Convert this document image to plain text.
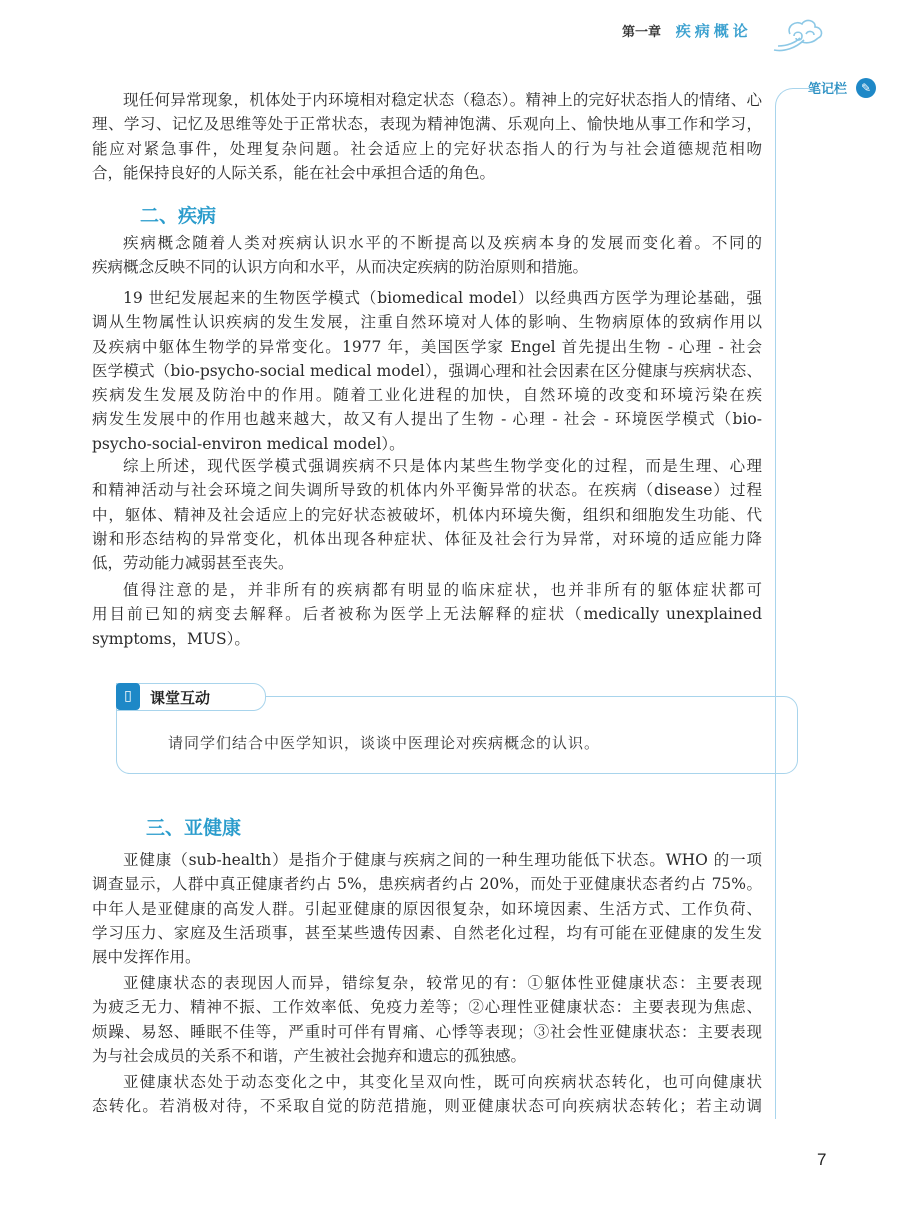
第一章 疾病概论
笔记栏	✎
现任何异常现象，机体处于内环境相对稳定状态（稳态）。精神上的完好状态指人的情绪、心
理、学习、记忆及思维等处于正常状态，表现为精神饱满、乐观向上、愉快地从事工作和学习，
能应对紧急事件，处理复杂问题。社会适应上的完好状态指人的行为与社会道德规范相吻
合，能保持良好的人际关系，能在社会中承担合适的角色。
二、疾病
疾病概念随着人类对疾病认识水平的不断提高以及疾病本身的发展而变化着。不同的
疾病概念反映不同的认识方向和水平，从而决定疾病的防治原则和措施。
19 世纪发展起来的生物医学模式（biomedical model）以经典西方医学为理论基础，强
调从生物属性认识疾病的发生发展，注重自然环境对人体的影响、生物病原体的致病作用以
及疾病中躯体生物学的异常变化。1977 年，美国医学家 Engel 首先提出生物 - 心理 - 社会
医学模式（bio-psycho-social medical model），强调心理和社会因素在区分健康与疾病状态、
疾病发生发展及防治中的作用。随着工业化进程的加快，自然环境的改变和环境污染在疾
病发生发展中的作用也越来越大，故又有人提出了生物 - 心理 - 社会 - 环境医学模式（bio-
psycho-social-environ medical model）。
综上所述，现代医学模式强调疾病不只是体内某些生物学变化的过程，而是生理、心理
和精神活动与社会环境之间失调所导致的机体内外平衡异常的状态。在疾病（disease）过程
中，躯体、精神及社会适应上的完好状态被破坏，机体内环境失衡，组织和细胞发生功能、代
谢和形态结构的异常变化，机体出现各种症状、体征及社会行为异常，对环境的适应能力降
低，劳动能力减弱甚至丧失。
值得注意的是，并非所有的疾病都有明显的临床症状，也并非所有的躯体症状都可
用目前已知的病变去解释。后者被称为医学上无法解释的症状（medically unexplained
symptoms，MUS）。
▯	课堂互动
请同学们结合中医学知识，谈谈中医理论对疾病概念的认识。
三、亚健康
亚健康（sub-health）是指介于健康与疾病之间的一种生理功能低下状态。WHO 的一项
调查显示，人群中真正健康者约占 5%，患疾病者约占 20%，而处于亚健康状态者约占 75%。
中年人是亚健康的高发人群。引起亚健康的原因很复杂，如环境因素、生活方式、工作负荷、
学习压力、家庭及生活琐事，甚至某些遗传因素、自然老化过程，均有可能在亚健康的发生发
展中发挥作用。
亚健康状态的表现因人而异，错综复杂，较常见的有：①躯体性亚健康状态：主要表现
为疲乏无力、精神不振、工作效率低、免疫力差等；②心理性亚健康状态：主要表现为焦虑、
烦躁、易怒、睡眠不佳等，严重时可伴有胃痛、心悸等表现；③社会性亚健康状态：主要表现
为与社会成员的关系不和谐，产生被社会抛弃和遗忘的孤独感。
亚健康状态处于动态变化之中，其变化呈双向性，既可向疾病状态转化，也可向健康状
态转化。若消极对待，不采取自觉的防范措施，则亚健康状态可向疾病状态转化；若主动调
7
